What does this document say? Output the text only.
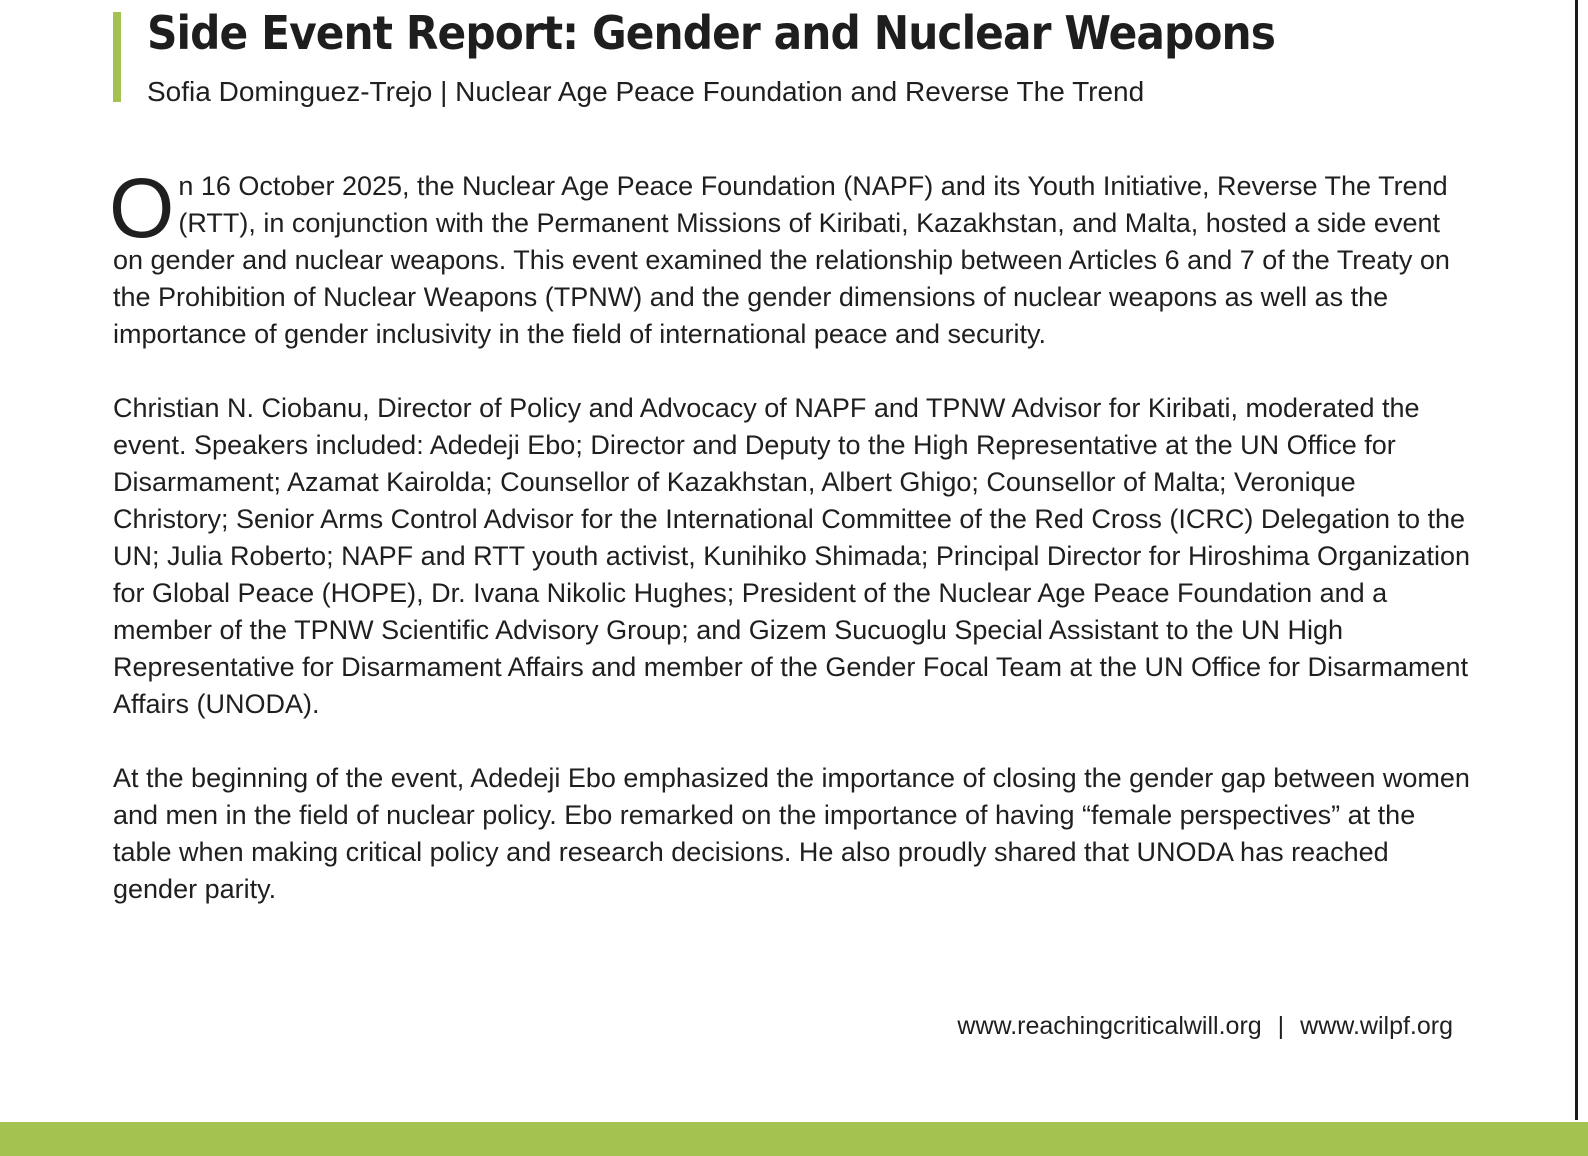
Side Event Report: Gender and Nuclear Weapons

Sofia Dominguez-Trejo | Nuclear Age Peace Foundation and Reverse The Trend

On 16 October 2025, the Nuclear Age Peace Foundation (NAPF) and its Youth Initiative, Reverse The Trend (RTT), in conjunction with the Permanent Missions of Kiribati, Kazakhstan, and Malta, hosted a side event on gender and nuclear weapons. This event examined the relationship between Articles 6 and 7 of the Treaty on the Prohibition of Nuclear Weapons (TPNW) and the gender dimensions of nuclear weapons as well as the importance of gender inclusivity in the field of international peace and security.

Christian N. Ciobanu, Director of Policy and Advocacy of NAPF and TPNW Advisor for Kiribati, moderated the event. Speakers included: Adedeji Ebo; Director and Deputy to the High Representative at the UN Office for Disarmament; Azamat Kairolda; Counsellor of Kazakhstan, Albert Ghigo; Counsellor of Malta; Veronique Christory; Senior Arms Control Advisor for the International Committee of the Red Cross (ICRC) Delegation to the UN; Julia Roberto; NAPF and RTT youth activist, Kunihiko Shimada; Principal Director for Hiroshima Organization for Global Peace (HOPE), Dr. Ivana Nikolic Hughes; President of the Nuclear Age Peace Foundation and a member of the TPNW Scientific Advisory Group; and Gizem Sucuoglu Special Assistant to the UN High Representative for Disarmament Affairs and member of the Gender Focal Team at the UN Office for Disarmament Affairs (UNODA).

At the beginning of the event, Adedeji Ebo emphasized the importance of closing the gender gap between women and men in the field of nuclear policy. Ebo remarked on the importance of having “female perspectives” at the table when making critical policy and research decisions. He also proudly shared that UNODA has reached gender parity.

www.reachingcriticalwill.org | www.wilpf.org
